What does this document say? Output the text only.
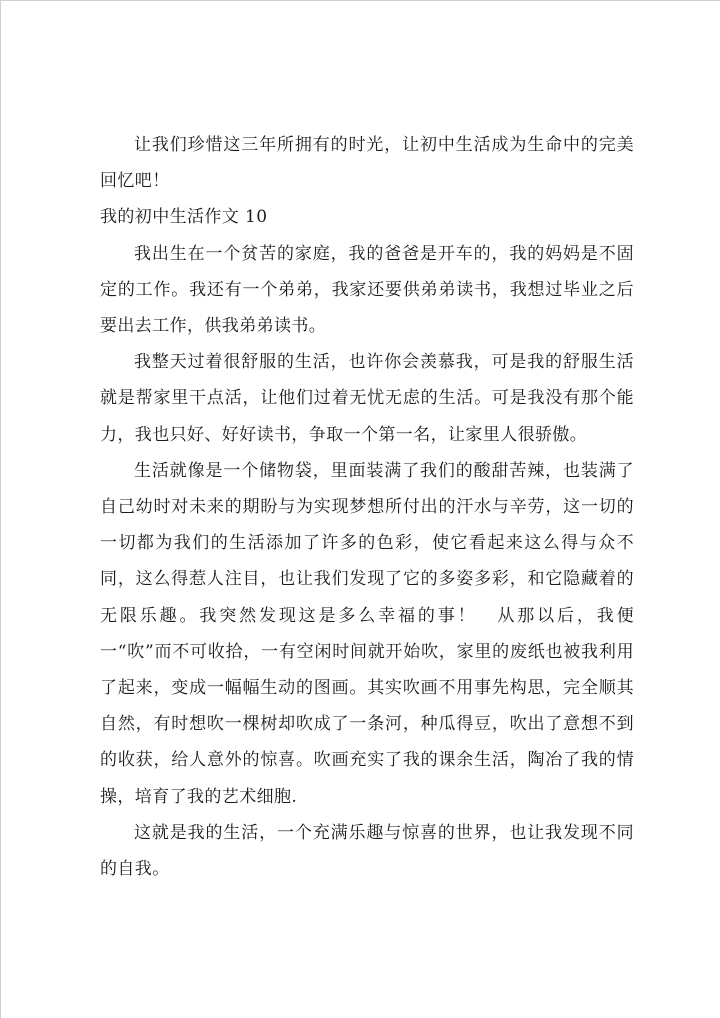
让我们珍惜这三年所拥有的时光，让初中生活成为生命中的完美回忆吧！

我的初中生活作文 10

我出生在一个贫苦的家庭，我的爸爸是开车的，我的妈妈是不固定的工作。我还有一个弟弟，我家还要供弟弟读书，我想过毕业之后要出去工作，供我弟弟读书。

我整天过着很舒服的生活，也许你会羡慕我，可是我的舒服生活就是帮家里干点活，让他们过着无忧无虑的生活。可是我没有那个能力，我也只好、好好读书，争取一个第一名，让家里人很骄傲。

生活就像是一个储物袋，里面装满了我们的酸甜苦辣，也装满了自己幼时对未来的期盼与为实现梦想所付出的汗水与辛劳，这一切的一切都为我们的生活添加了许多的色彩，使它看起来这么得与众不同，这么得惹人注目，也让我们发现了它的多姿多彩，和它隐藏着的无限乐趣。我突然发现这是多么幸福的事！　从那以后，我便一“吹”而不可收拾，一有空闲时间就开始吹，家里的废纸也被我利用了起来，变成一幅幅生动的图画。其实吹画不用事先构思，完全顺其自然，有时想吹一棵树却吹成了一条河，种瓜得豆，吹出了意想不到的收获，给人意外的惊喜。吹画充实了我的课余生活，陶冶了我的情操，培育了我的艺术细胞.

这就是我的生活，一个充满乐趣与惊喜的世界，也让我发现不同的自我。
